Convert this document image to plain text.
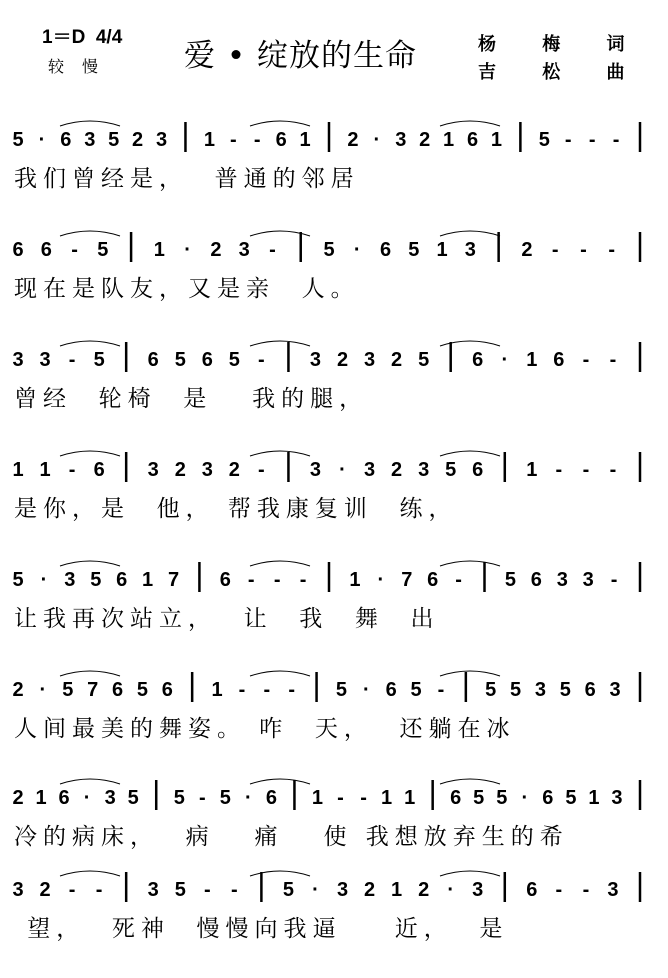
1＝D  4/4
较慢 爱 • 绽放的生命	杨 梅 词
吉 松 曲
5 · 6 3 5 2 3 1 - - 6 1 2 · 3 2 1 6 1 5 - - -
我们曾经是，  普通的邻居
6 6 - 5 1 · 2 3 - 5 · 6 5 1 3 2 - - -
现在是队友，又是亲  人。
3 3 - 5 6 5 6 5 - 3 2 3 2 5 6 · 1 6 - -
曾经  轮椅  是   我的腿，
1 1 - 6 3 2 3 2 - 3 · 3 2 3 5 6 1 - - -
是你，是  他， 帮我康复训  练，
5 · 3 5 6 1 7 6 - - - 1 · 7 6 - 5 6 3 3 -
让我再次站立，  让  我  舞  出
2 · 5 7 6 5 6 1 - - - 5 · 6 5 - 5 5 3 5 6 3
人间最美的舞姿。 咋  天，  还躺在冰
2 1 6 · 3 5 5 - 5 · 6 1 - - 1 1 6 5 5 · 6 5 1 3
冷的病床，  病   痛   使 我想放弃生的希
3 2 - - 3 5 - - 5 · 3 2 1 2 · 3 6 - - 3
望，  死神  慢慢向我逼    近，  是
